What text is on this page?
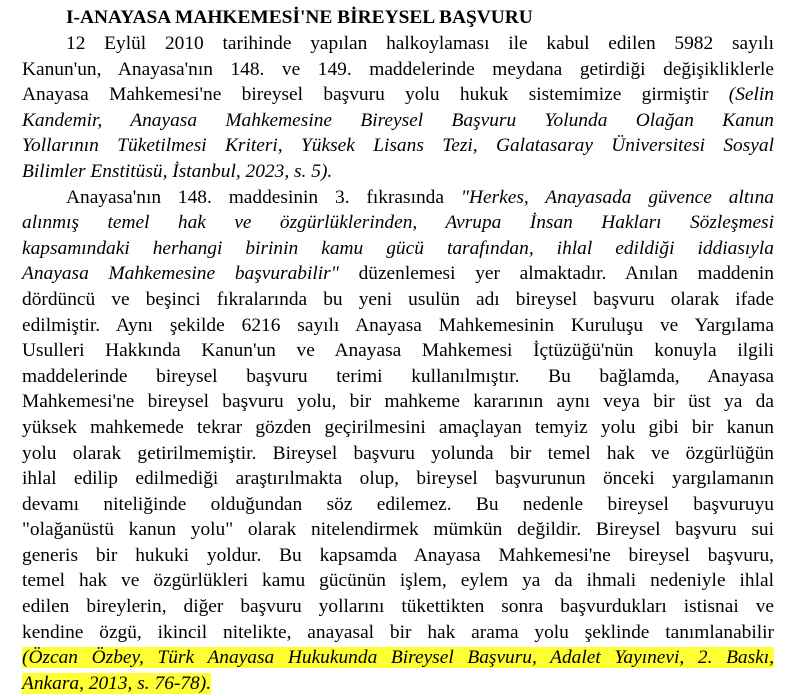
I-ANAYASA MAHKEMESİ'NE BİREYSEL BAŞVURU
12 Eylül 2010 tarihinde yapılan halkoylaması ile kabul edilen 5982 sayılı
Kanun'un, Anayasa'nın 148. ve 149. maddelerinde meydana getirdiği değişikliklerle
Anayasa Mahkemesi'ne bireysel başvuru yolu hukuk sistemimize girmiştir (Selin
Kandemir, Anayasa Mahkemesine Bireysel Başvuru Yolunda Olağan Kanun
Yollarının Tüketilmesi Kriteri, Yüksek Lisans Tezi, Galatasaray Üniversitesi Sosyal
Bilimler Enstitüsü, İstanbul, 2023, s. 5).
Anayasa'nın 148. maddesinin 3. fıkrasında "Herkes, Anayasada güvence altına
alınmış temel hak ve özgürlüklerinden, Avrupa İnsan Hakları Sözleşmesi
kapsamındaki herhangi birinin kamu gücü tarafından, ihlal edildiği iddiasıyla
Anayasa Mahkemesine başvurabilir" düzenlemesi yer almaktadır. Anılan maddenin
dördüncü ve beşinci fıkralarında bu yeni usulün adı bireysel başvuru olarak ifade
edilmiştir. Aynı şekilde 6216 sayılı Anayasa Mahkemesinin Kuruluşu ve Yargılama
Usulleri Hakkında Kanun'un ve Anayasa Mahkemesi İçtüzüğü'nün konuyla ilgili
maddelerinde bireysel başvuru terimi kullanılmıştır. Bu bağlamda, Anayasa
Mahkemesi'ne bireysel başvuru yolu, bir mahkeme kararının aynı veya bir üst ya da
yüksek mahkemede tekrar gözden geçirilmesini amaçlayan temyiz yolu gibi bir kanun
yolu olarak getirilmemiştir. Bireysel başvuru yolunda bir temel hak ve özgürlüğün
ihlal edilip edilmediği araştırılmakta olup, bireysel başvurunun önceki yargılamanın
devamı niteliğinde olduğundan söz edilemez. Bu nedenle bireysel başvuruyu
"olağanüstü kanun yolu" olarak nitelendirmek mümkün değildir. Bireysel başvuru sui
generis bir hukuki yoldur. Bu kapsamda Anayasa Mahkemesi'ne bireysel başvuru,
temel hak ve özgürlükleri kamu gücünün işlem, eylem ya da ihmali nedeniyle ihlal
edilen bireylerin, diğer başvuru yollarını tükettikten sonra başvurdukları istisnai ve
kendine özgü, ikincil nitelikte, anayasal bir hak arama yolu şeklinde tanımlanabilir
(Özcan Özbey, Türk Anayasa Hukukunda Bireysel Başvuru, Adalet Yayınevi, 2. Baskı,
Ankara, 2013, s. 76-78).
